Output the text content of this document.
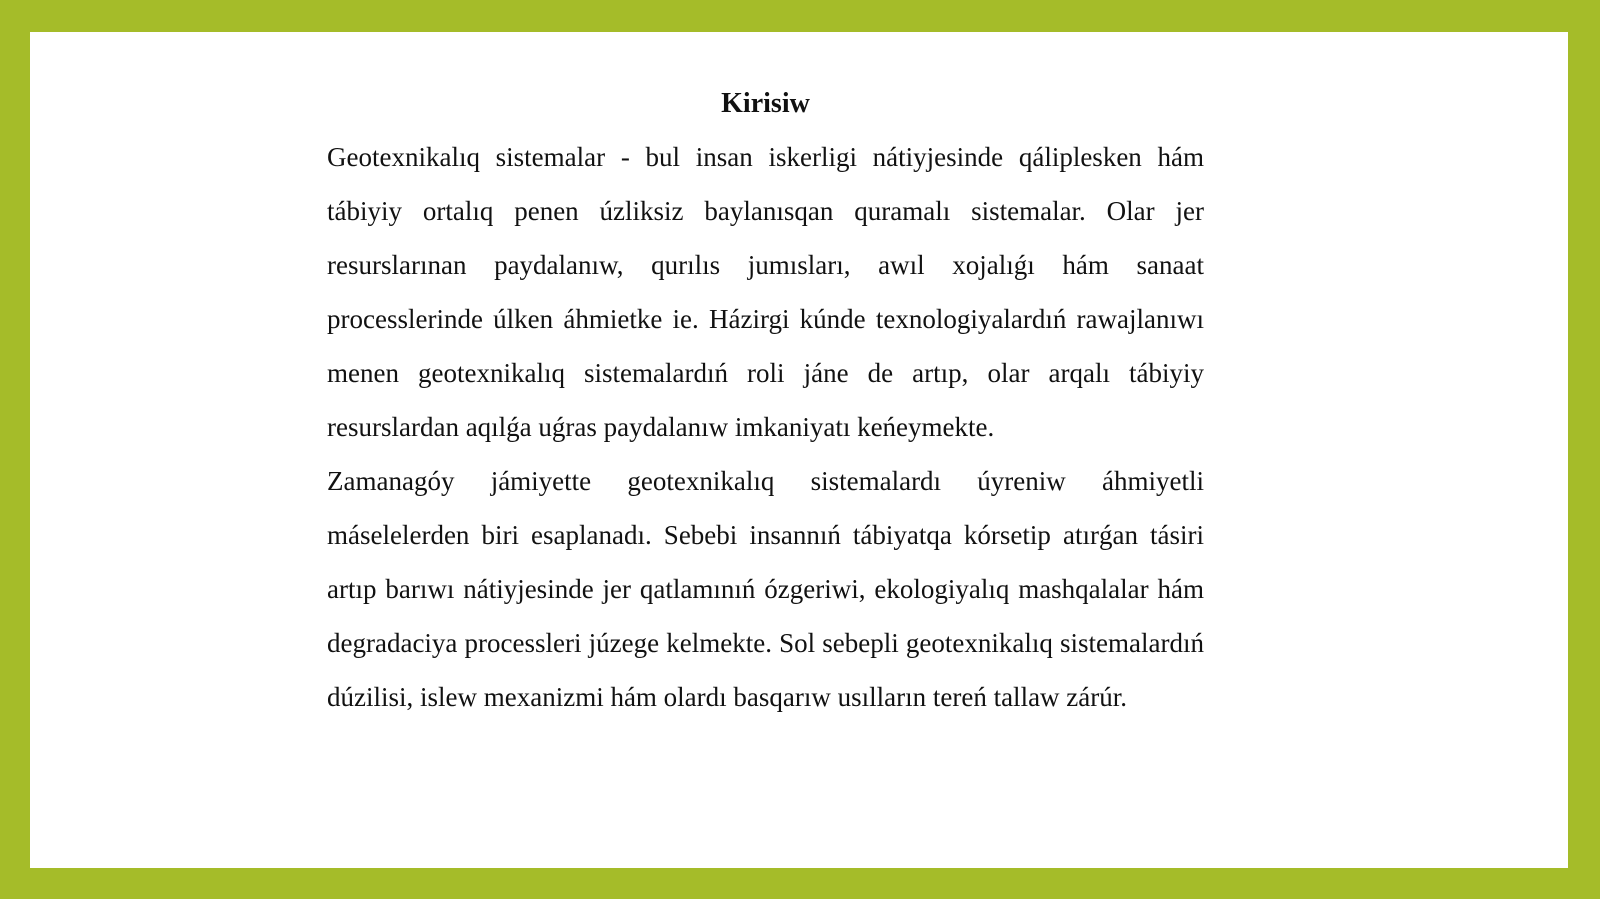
Kirisiw

Geotexnikalıq sistemalar - bul insan iskerligi nátiyjesinde qáliplesken hám tábiyiy ortalıq penen úzliksiz baylanısqan quramalı sistemalar. Olar jer resurslarınan paydalanıw, qurılıs jumısları, awıl xojalıǵı hám sanaat processlerinde úlken áhmietke ie. Házirgi kúnde texnologiyalardıń rawajlanıwı menen geotexnikalıq sistemalardıń roli jáne de artıp, olar arqalı tábiyiy resurslardan aqılǵa uǵras paydalanıw imkaniyatı keńeymekte.

Zamanagóy jámiyette geotexnikalıq sistemalardı úyreniw áhmiyetli máselelerden biri esaplanadı. Sebebi insannıń tábiyatqa kórsetip atırǵan tásiri artıp barıwı nátiyjesinde jer qatlamınıń ózgeriwi, ekologiyalıq mashqalalar hám degradaciya processleri júzege kelmekte. Sol sebepli geotexnikalıq sistemalardıń dúzilisi, islew mexanizmi hám olardı basqarıw usılların tereń tallaw zárúr.
